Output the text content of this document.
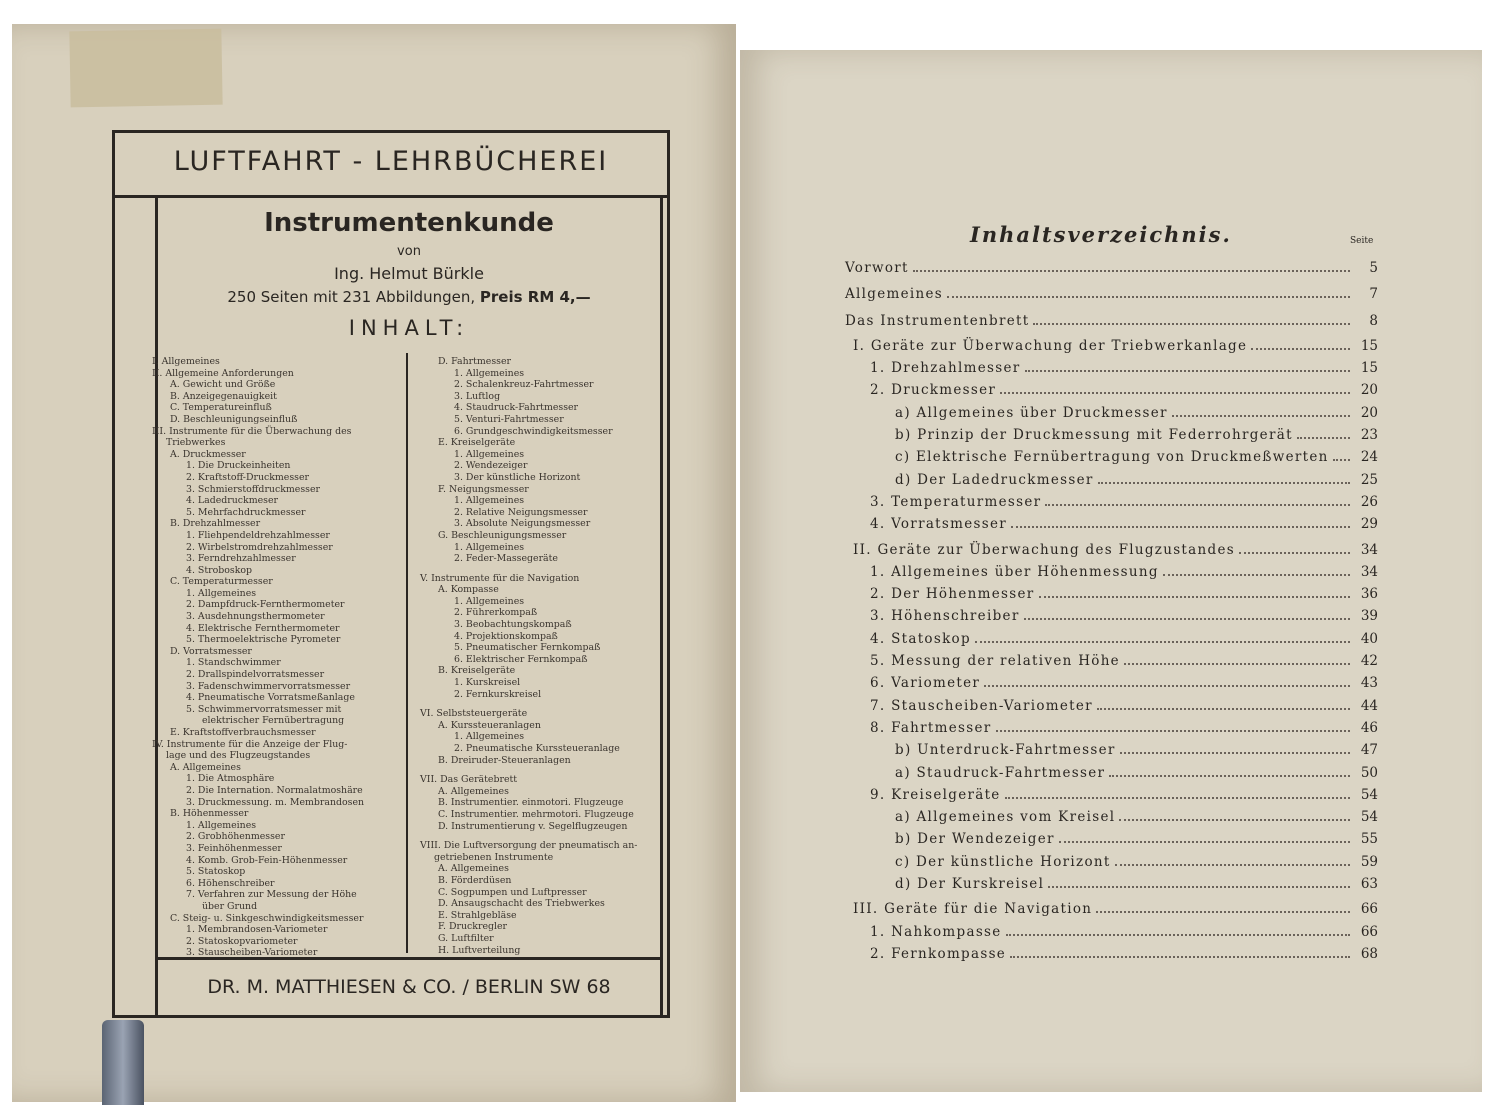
LUFTFAHRT - LEHRBÜCHEREI
Instrumentenkunde
von
Ing. Helmut Bürkle
250 Seiten mit 231 Abbildungen, Preis RM 4,—
INHALT:
I. Allgemeines
II. Allgemeine Anforderungen
A. Gewicht und Größe
B. Anzeigegenauigkeit
C. Temperatureinfluß
D. Beschleunigungseinfluß
III. Instrumente für die Überwachung des
Triebwerkes
A. Druckmesser
1. Die Druckeinheiten
2. Kraftstoff-Druckmesser
3. Schmierstoffdruckmesser
4. Ladedruckmeser
5. Mehrfachdruckmesser
B. Drehzahlmesser
1. Fliehpendeldrehzahlmesser
2. Wirbelstromdrehzahlmesser
3. Ferndrehzahlmesser
4. Stroboskop
C. Temperaturmesser
1. Allgemeines
2. Dampfdruck-Fernthermometer
3. Ausdehnungsthermometer
4. Elektrische Fernthermometer
5. Thermoelektrische Pyrometer
D. Vorratsmesser
1. Standschwimmer
2. Drallspindelvorratsmesser
3. Fadenschwimmervorratsmesser
4. Pneumatische Vorratsmeßanlage
5. Schwimmervorratsmesser mit
elektrischer Fernübertragung
E. Kraftstoffverbrauchsmesser
IV. Instrumente für die Anzeige der Flug-
lage und des Flugzeugstandes
A. Allgemeines
1. Die Atmosphäre
2. Die Internation. Normalatmoshäre
3. Druckmessung. m. Membrandosen
B. Höhenmesser
1. Allgemeines
2. Grobhöhenmesser
3. Feinhöhenmesser
4. Komb. Grob-Fein-Höhenmesser
5. Statoskop
6. Höhenschreiber
7. Verfahren zur Messung der Höhe
über Grund
C. Steig- u. Sinkgeschwindigkeitsmesser
1. Membrandosen-Variometer
2. Statoskopvariometer
3. Stauscheiben-Variometer
D. Fahrtmesser
1. Allgemeines
2. Schalenkreuz-Fahrtmesser
3. Luftlog
4. Staudruck-Fahrtmesser
5. Venturi-Fahrtmesser
6. Grundgeschwindigkeitsmesser
E. Kreiselgeräte
1. Allgemeines
2. Wendezeiger
3. Der künstliche Horizont
F. Neigungsmesser
1. Allgemeines
2. Relative Neigungsmesser
3. Absolute Neigungsmesser
G. Beschleunigungsmesser
1. Allgemeines
2. Feder-Massegeräte
V. Instrumente für die Navigation
A. Kompasse
1. Allgemeines
2. Führerkompaß
3. Beobachtungskompaß
4. Projektionskompaß
5. Pneumatischer Fernkompaß
6. Elektrischer Fernkompaß
B. Kreiselgeräte
1. Kurskreisel
2. Fernkurskreisel
VI. Selbststeuergeräte
A. Kurssteueranlagen
1. Allgemeines
2. Pneumatische Kurssteueranlage
B. Dreiruder-Steueranlagen
VII. Das Gerätebrett
A. Allgemeines
B. Instrumentier. einmotori. Flugzeuge
C. Instrumentier. mehrmotori. Flugzeuge
D. Instrumentierung v. Segelflugzeugen
VIII. Die Luftversorgung der pneumatisch an-
getriebenen Instrumente
A. Allgemeines
B. Förderdüsen
C. Sogpumpen und Luftpresser
D. Ansaugschacht des Triebwerkes
E. Strahlgebläse
F. Druckregler
G. Luftfilter
H. Luftverteilung
DR. M. MATTHIESEN & CO. / BERLIN SW 68
Inhaltsverzeichnis.	Seite
Vorwort	5
Allgemeines	7
Das Instrumentenbrett	8
I. Geräte zur Überwachung der Triebwerkanlage	15
1. Drehzahlmesser	15
2. Druckmesser	20
a) Allgemeines über Druckmesser	20
b) Prinzip der Druckmessung mit Federrohrgerät	23
c) Elektrische Fernübertragung von Druckmeßwerten	24
d) Der Ladedruckmesser	25
3. Temperaturmesser	26
4. Vorratsmesser	29
II. Geräte zur Überwachung des Flugzustandes	34
1. Allgemeines über Höhenmessung	34
2. Der Höhenmesser	36
3. Höhenschreiber	39
4. Statoskop	40
5. Messung der relativen Höhe	42
6. Variometer	43
7. Stauscheiben-Variometer	44
8. Fahrtmesser	46
b) Unterdruck-Fahrtmesser	47
a) Staudruck-Fahrtmesser	50
9. Kreiselgeräte	54
a) Allgemeines vom Kreisel	54
b) Der Wendezeiger	55
c) Der künstliche Horizont	59
d) Der Kurskreisel	63
III. Geräte für die Navigation	66
1. Nahkompasse	66
2. Fernkompasse	68
